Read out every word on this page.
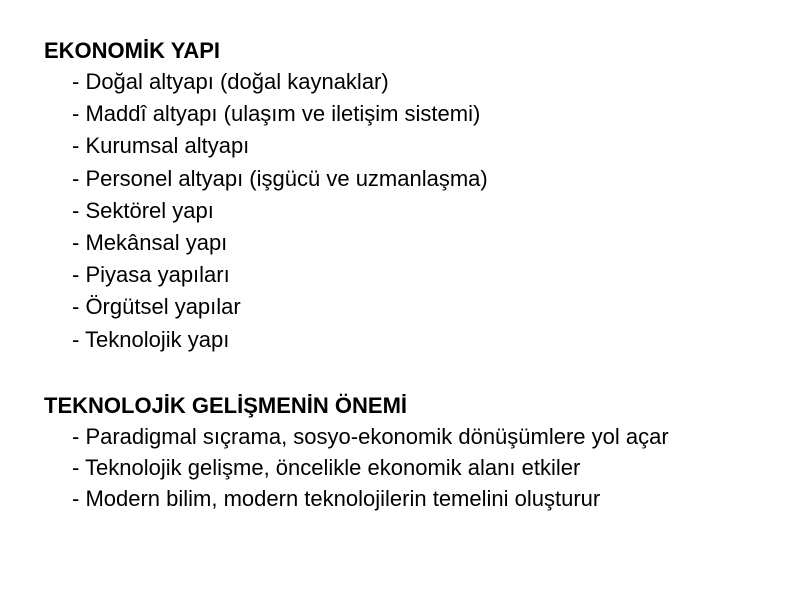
EKONOMİK YAPI
- Doğal altyapı (doğal kaynaklar)
- Maddî altyapı (ulaşım ve iletişim sistemi)
- Kurumsal altyapı
- Personel altyapı (işgücü ve uzmanlaşma)
- Sektörel yapı
- Mekânsal yapı
- Piyasa yapıları
- Örgütsel yapılar
- Teknolojik yapı
TEKNOLOJİK GELİŞMENİN ÖNEMİ
- Paradigmal sıçrama, sosyo-ekonomik dönüşümlere yol açar
- Teknolojik gelişme, öncelikle ekonomik alanı etkiler
- Modern bilim, modern teknolojilerin temelini oluşturur
